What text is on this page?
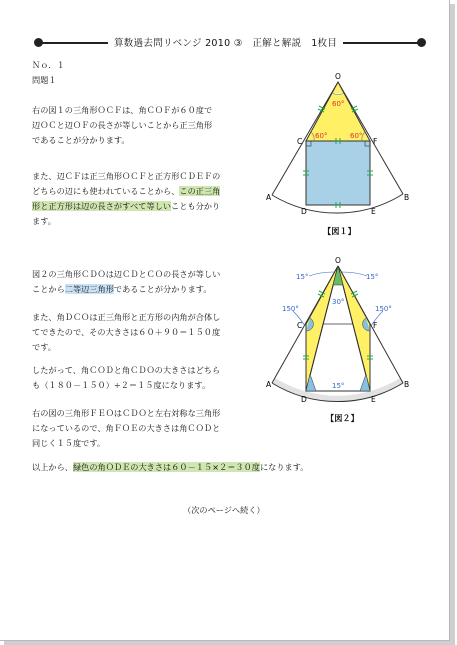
算数過去問リベンジ 2010 ③　正解と解説　1枚目
Ｎｏ．１
問題１
右の図１の三角形ＯＣＦは、角ＣＯＦが６０度で
辺ＯＣと辺ＯＦの長さが等しいことから正三角形
であることが分かります。
また、辺ＣＦは正三角形ＯＣＦと正方形ＣＤＥＦの
どちらの辺にも使われていることから、この正三角
形と正方形は辺の長さがすべて等しいことも分かり
ます。
図２の三角形ＣＤＯは辺ＣＤとＣＯの長さが等しい
ことから二等辺三角形であることが分かります。
また、角ＤＣＯは正三角形と正方形の内角が合体し
てできたので、その大きさは６０＋９０＝１５０度
です。
したがって、角ＣＯＤと角ＣＤＯの大きさはどちら
も（１８０－１５０）÷２＝１５度になります。
右の図の三角形ＦＥＯはＣＤＯと左右対称な三角形
になっているので、角ＦＯＥの大きさは角ＣＯＤと
同じく１５度です。
以上から、緑色の角ＯＤＥの大きさは６０－１５×２＝３０度になります。
（次のページへ続く）
O
C	F
A	B
D	E
60°
60°	60°
【図１】
O
C	F
A	B
D	E
15°	15°
30°
150°	150°
15°
【図２】
